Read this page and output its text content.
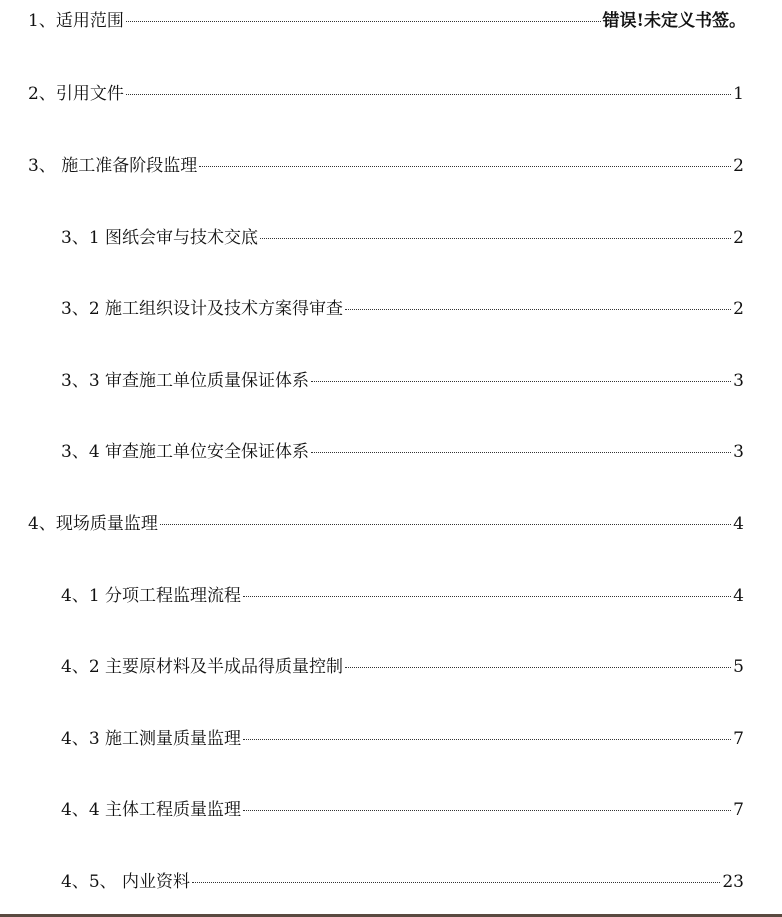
1、适用范围	错误!未定义书签。
2、引用文件	1
3、 施工准备阶段监理	2
3、1 图纸会审与技术交底	2
3、2 施工组织设计及技术方案得审查	2
3、3 审查施工单位质量保证体系	3
3、4 审查施工单位安全保证体系	3
4、现场质量监理	4
4、1 分项工程监理流程	4
4、2 主要原材料及半成品得质量控制	5
4、3 施工测量质量监理	7
4、4 主体工程质量监理	7
4、5、 内业资料	23
